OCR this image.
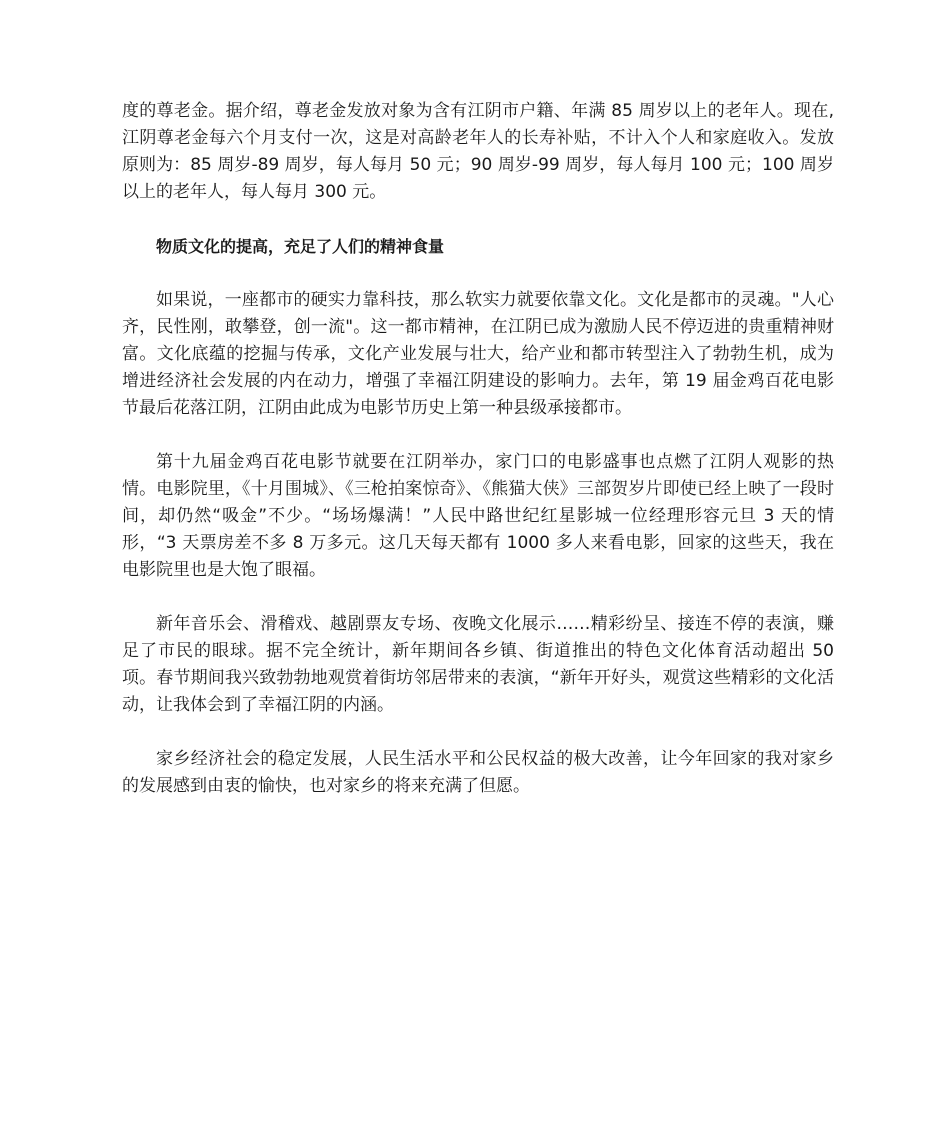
度的尊老金。据介绍，尊老金发放对象为含有江阴市户籍、年满 85 周岁以上的老年人。现在,江阴尊老金每六个月支付一次，这是对高龄老年人的长寿补贴，不计入个人和家庭收入。发放原则为：85 周岁-89 周岁，每人每月 50 元；90 周岁-99 周岁，每人每月 100 元；100 周岁以上的老年人，每人每月 300 元。

物质文化的提高，充足了人们的精神食量

如果说，一座都市的硬实力靠科技，那么软实力就要依靠文化。文化是都市的灵魂。"人心齐，民性刚，敢攀登，创一流"。这一都市精神，在江阴已成为激励人民不停迈进的贵重精神财富。文化底蕴的挖掘与传承，文化产业发展与壮大，给产业和都市转型注入了勃勃生机，成为增进经济社会发展的内在动力，增强了幸福江阴建设的影响力。去年，第 19 届金鸡百花电影节最后花落江阴，江阴由此成为电影节历史上第一种县级承接都市。

第十九届金鸡百花电影节就要在江阴举办，家门口的电影盛事也点燃了江阴人观影的热情。电影院里，《十月围城》、《三枪拍案惊奇》、《熊猫大侠》三部贺岁片即使已经上映了一段时间，却仍然“吸金”不少。“场场爆满！”人民中路世纪红星影城一位经理形容元旦 3 天的情形，“3 天票房差不多 8 万多元。这几天每天都有 1000 多人来看电影，回家的这些天，我在电影院里也是大饱了眼福。

新年音乐会、滑稽戏、越剧票友专场、夜晚文化展示……精彩纷呈、接连不停的表演，赚足了市民的眼球。据不完全统计，新年期间各乡镇、街道推出的特色文化体育活动超出 50 项。春节期间我兴致勃勃地观赏着街坊邻居带来的表演，“新年开好头，观赏这些精彩的文化活动，让我体会到了幸福江阴的内涵。

家乡经济社会的稳定发展，人民生活水平和公民权益的极大改善，让今年回家的我对家乡的发展感到由衷的愉快，也对家乡的将来充满了但愿。
